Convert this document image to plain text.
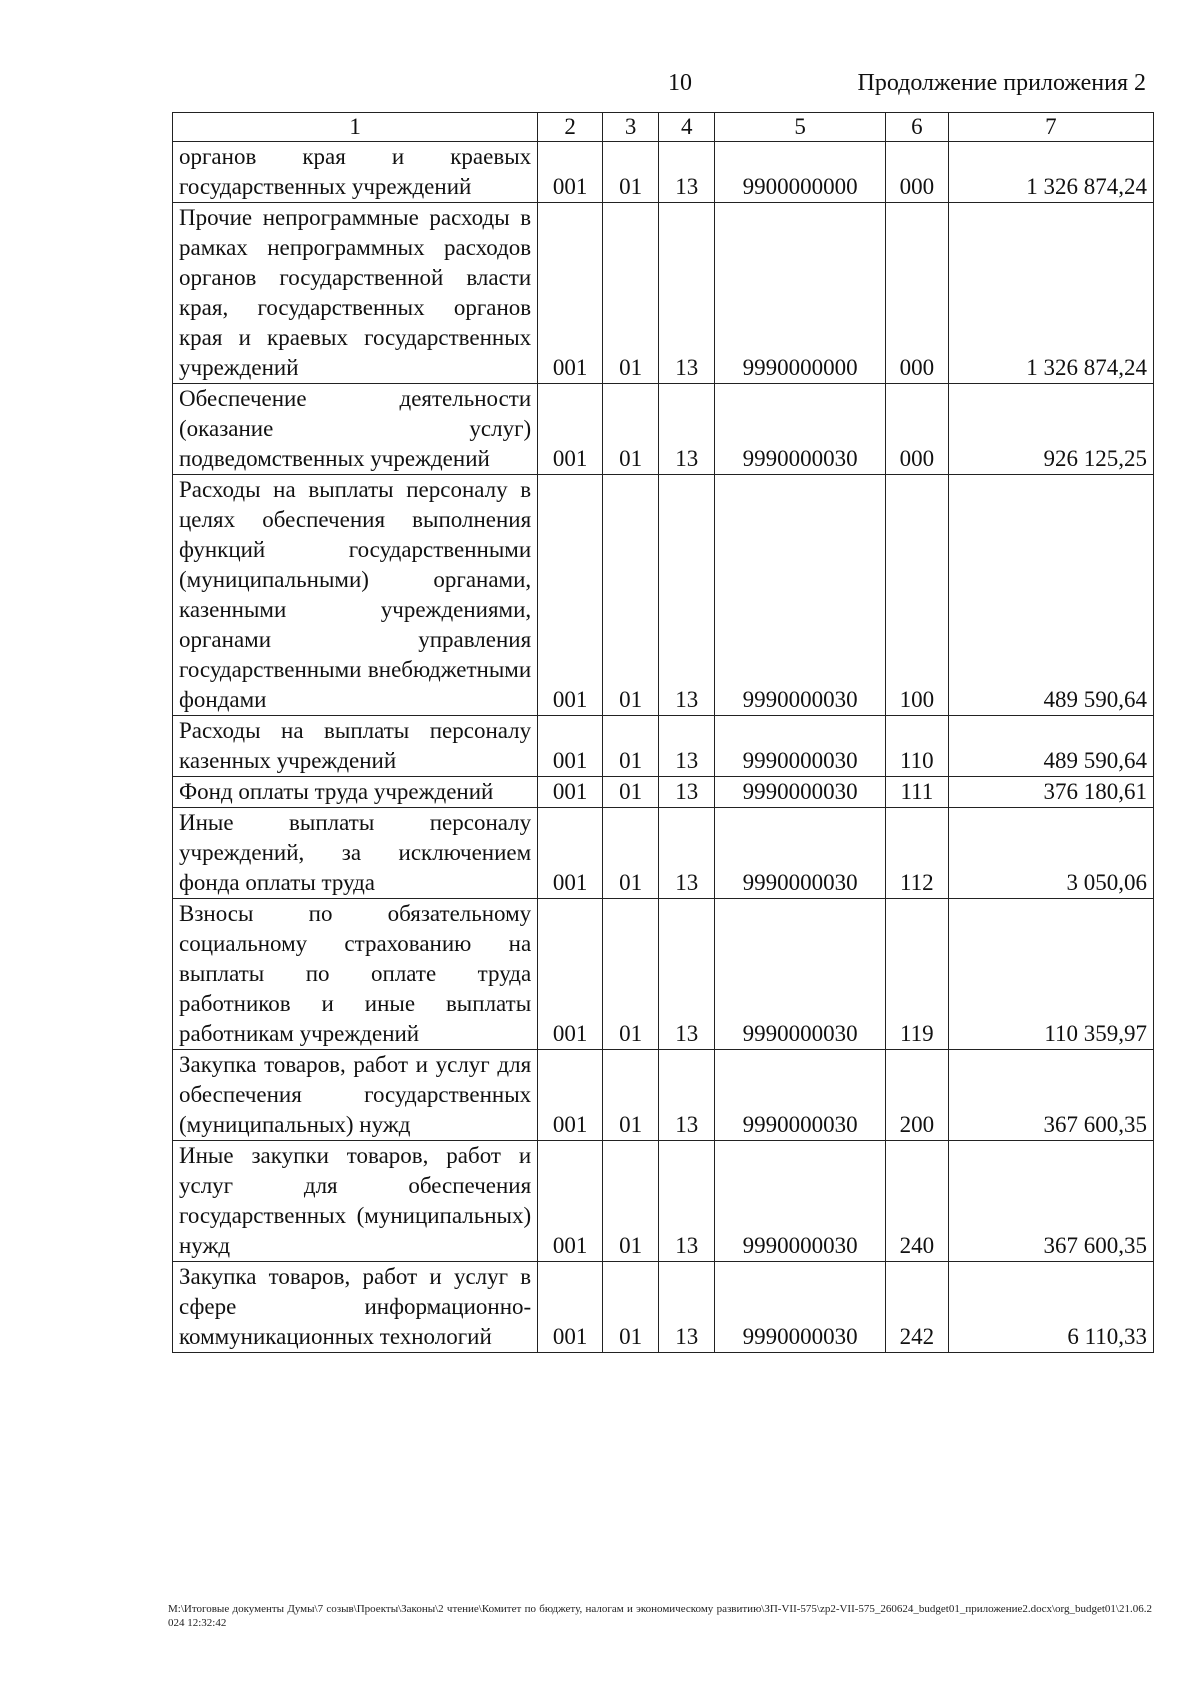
10	Продолжение приложения 2
1	2	3	4	5	6	7
органов края и краевых государственных учреждений	001	01	13	9900000000	000	1 326 874,24
Прочие непрограммные расходы в рамках непрограммных расходов органов государственной власти края, государственных органов края и краевых государственных учреждений	001	01	13	9990000000	000	1 326 874,24
Обеспечение деятельности (оказание услуг) подведомственных учреждений	001	01	13	9990000030	000	926 125,25
Расходы на выплаты персоналу в целях обеспечения выполнения функций государственными (муниципальными) органами, казенными учреждениями, органами управления государственными внебюджетными фондами	001	01	13	9990000030	100	489 590,64
Расходы на выплаты персоналу казенных учреждений	001	01	13	9990000030	110	489 590,64
Фонд оплаты труда учреждений	001	01	13	9990000030	111	376 180,61
Иные выплаты персоналу учреждений, за исключением фонда оплаты труда	001	01	13	9990000030	112	3 050,06
Взносы по обязательному социальному страхованию на выплаты по оплате труда работников и иные выплаты работникам учреждений	001	01	13	9990000030	119	110 359,97
Закупка товаров, работ и услуг для обеспечения государственных (муниципальных) нужд	001	01	13	9990000030	200	367 600,35
Иные закупки товаров, работ и услуг для обеспечения государственных (муниципальных) нужд	001	01	13	9990000030	240	367 600,35
Закупка товаров, работ и услуг в сфере информационно-коммуникационных технологий	001	01	13	9990000030	242	6 110,33
M:\Итоговые документы Думы\7 созыв\Проекты\Законы\2 чтение\Комитет по бюджету, налогам и экономическому развитию\ЗП-VII-575\zp2-VII-575_260624_budget01_приложение2.docx\org_budget01\21.06.2024 12:32:42
